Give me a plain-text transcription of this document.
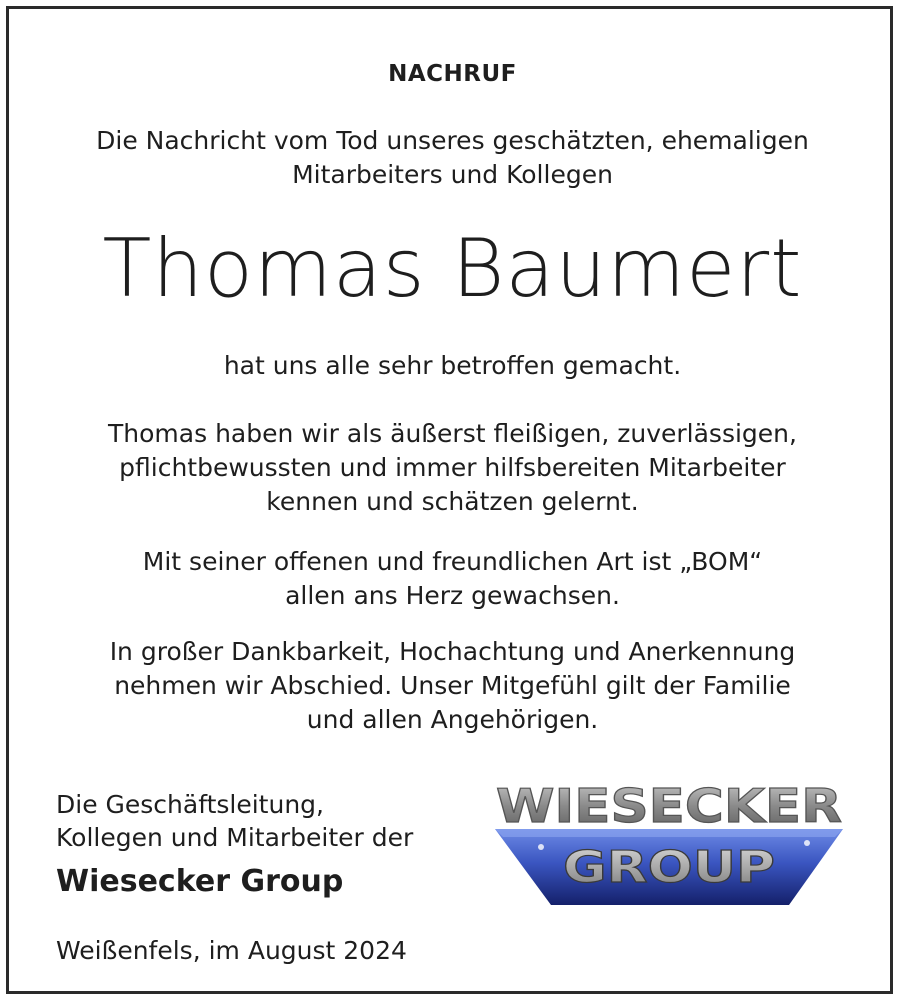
NACHRUF
Die Nachricht vom Tod unseres geschätzten, ehemaligen
Mitarbeiters und Kollegen
Thomas Baumert
hat uns alle sehr betroffen gemacht.
Thomas haben wir als äußerst fleißigen, zuverlässigen,
pflichtbewussten und immer hilfsbereiten Mitarbeiter
kennen und schätzen gelernt.
Mit seiner offenen und freundlichen Art ist „BOM“
allen ans Herz gewachsen.
In großer Dankbarkeit, Hochachtung und Anerkennung
nehmen wir Abschied. Unser Mitgefühl gilt der Familie
und allen Angehörigen.
Die Geschäftsleitung,
Kollegen und Mitarbeiter der
Wiesecker Group
Weißenfels, im August 2024
WIESECKER
GROUP
